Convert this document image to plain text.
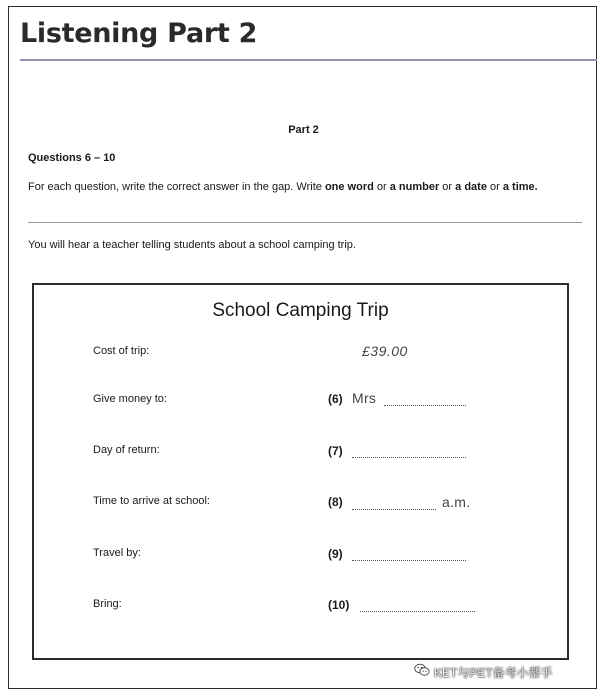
Listening Part 2
Part 2
Questions 6 – 10
For each question, write the correct answer in the gap. Write one word or a number or a date or a time.
You will hear a teacher telling students about a school camping trip.
School Camping Trip
Cost of trip:	£39.00
Give money to:	(6) Mrs
Day of return:	(7)
Time to arrive at school:	(8)	a.m.
Travel by:	(9)
Bring:	(10)
KET与PET备考小帮手
